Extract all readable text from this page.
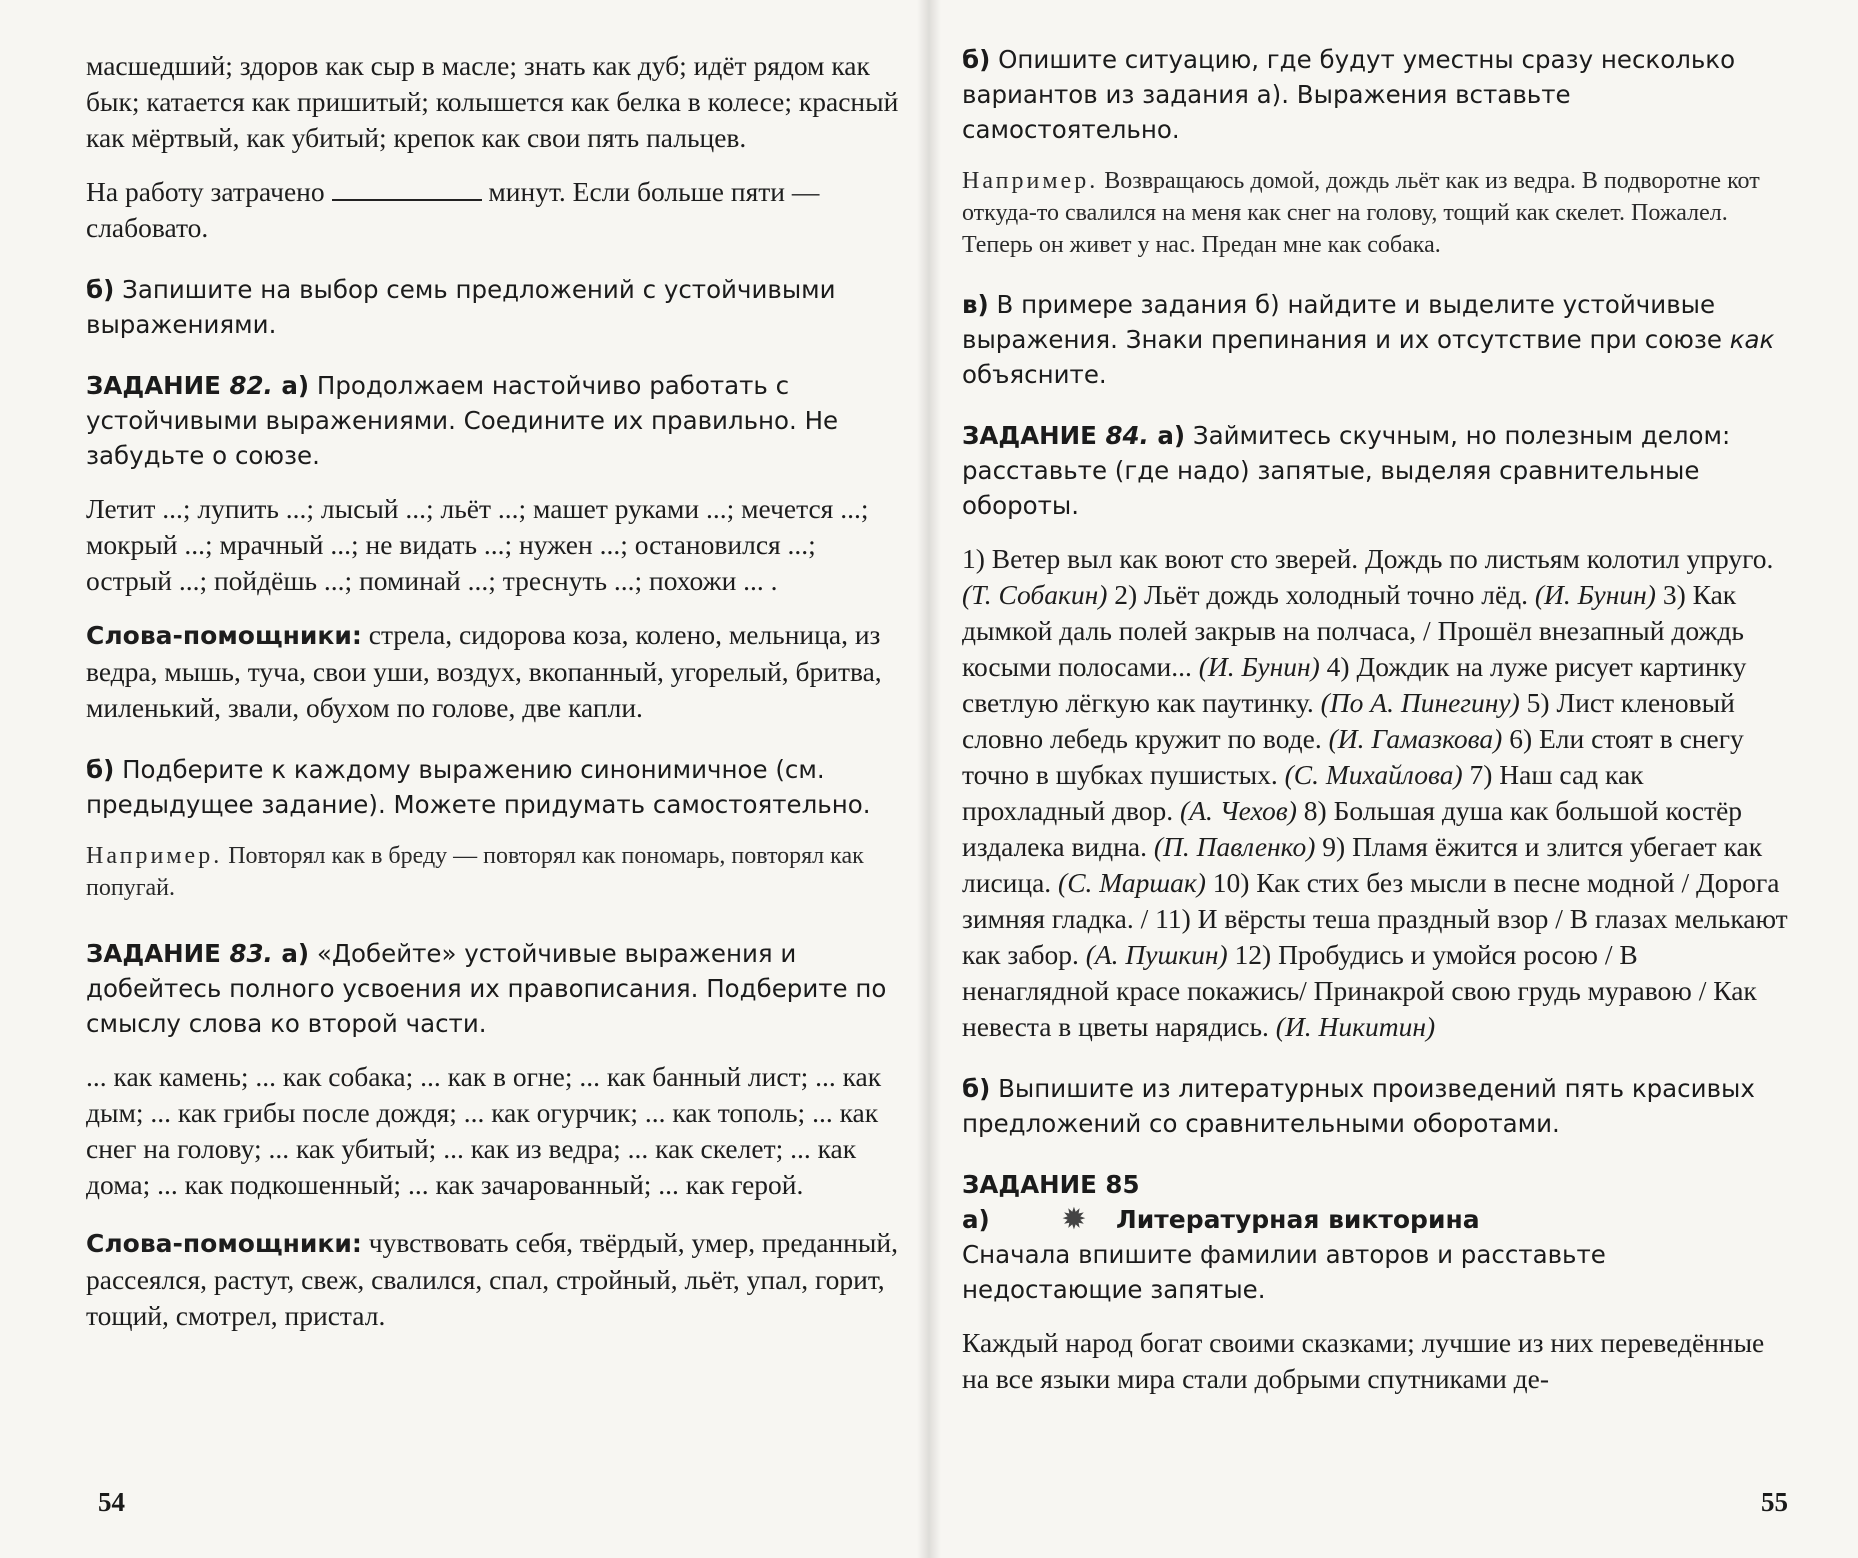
масшедший; здоров как сыр в масле; знать как дуб; идёт рядом как бык; катается как пришитый; колышется как белка в колесе; красный как мёртвый, как убитый; крепок как свои пять пальцев.

На работу затрачено	минут. Если больше пяти — слабовато.

б) Запишите на выбор семь предложений с устойчивыми выражениями.

ЗАДАНИЕ 82. а) Продолжаем настойчиво работать с устойчивыми выражениями. Соедините их правильно. Не забудьте о союзе.

Летит ...; лупить ...; лысый ...; льёт ...; машет руками ...; мечется ...; мокрый ...; мрачный ...; не видать ...; нужен ...; остановился ...; острый ...; пойдёшь ...; поминай ...; треснуть ...; похожи ... .

Слова-помощники: стрела, сидорова коза, колено, мельница, из ведра, мышь, туча, свои уши, воздух, вкопанный, угорелый, бритва, миленький, звали, обухом по голове, две капли.

б) Подберите к каждому выражению синонимичное (см. предыдущее задание). Можете придумать самостоятельно.

Например. Повторял как в бреду — повторял как пономарь, повторял как попугай.

ЗАДАНИЕ 83. а) «Добейте» устойчивые выражения и добейтесь полного усвоения их правописания. Подберите по смыслу слова ко второй части.

... как камень; ... как собака; ... как в огне; ... как банный лист; ... как дым; ... как грибы после дождя; ... как огурчик; ... как тополь; ... как снег на голову; ... как убитый; ... как из ведра; ... как скелет; ... как дома; ... как подкошенный; ... как зачарованный; ... как герой.

Слова-помощники: чувствовать себя, твёрдый, умер, преданный, рассеялся, растут, свеж, свалился, спал, стройный, льёт, упал, горит, тощий, смотрел, пристал.

54

б) Опишите ситуацию, где будут уместны сразу несколько вариантов из задания а). Выражения вставьте самостоятельно.

Например. Возвращаюсь домой, дождь льёт как из ведра. В подворотне кот откуда-то свалился на меня как снег на голову, тощий как скелет. Пожалел. Теперь он живет у нас. Предан мне как собака.

в) В примере задания б) найдите и выделите устойчивые выражения. Знаки препинания и их отсутствие при союзе как объясните.

ЗАДАНИЕ 84. а) Займитесь скучным, но полезным делом: расставьте (где надо) запятые, выделяя сравнительные обороты.

1) Ветер выл как воют сто зверей. Дождь по листьям колотил упруго. (Т. Собакин) 2) Льёт дождь холодный точно лёд. (И. Бунин) 3) Как дымкой даль полей закрыв на полчаса, / Прошёл внезапный дождь косыми полосами... (И. Бунин) 4) Дождик на луже рисует картинку светлую лёгкую как паутинку. (По А. Пинегину) 5) Лист кленовый словно лебедь кружит по воде. (И. Гамазкова) 6) Ели стоят в снегу точно в шубках пушистых. (С. Михайлова) 7) Наш сад как прохладный двор. (А. Чехов) 8) Большая душа как большой костёр издалека видна. (П. Павленко) 9) Пламя ёжится и злится убегает как лисица. (С. Маршак) 10) Как стих без мысли в песне модной / Дорога зимняя гладка. / 11) И вёрсты теша праздный взор / В глазах мелькают как забор. (А. Пушкин) 12) Пробудись и умойся росою / В ненаглядной красе покажись/ Принакрой свою грудь муравою / Как невеста в цветы нарядись. (И. Никитин)

б) Выпишите из литературных произведений пять красивых предложений со сравнительными оборотами.

ЗАДАНИЕ 85

а)	✹	Литературная викторина

Сначала впишите фамилии авторов и расставьте недостающие запятые.

Каждый народ богат своими сказками; лучшие из них переведённые на все языки мира стали добрыми спутниками де-

55
